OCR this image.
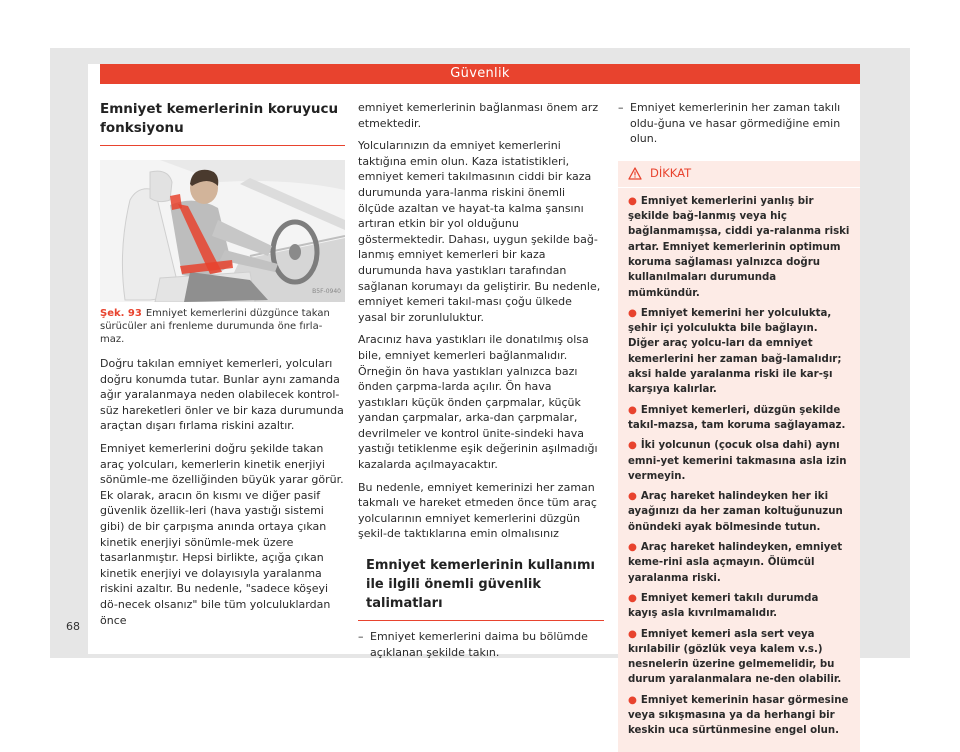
Güvenlik
Emniyet kemerlerinin koruyucu fonksiyonu
B5F-0940
Şek. 93 Emniyet kemerlerini düzgünce takan sürücüler ani frenleme durumunda öne fırla-maz.

Doğru takılan emniyet kemerleri, yolcuları doğru konumda tutar. Bunlar aynı zamanda ağır yaralanmaya neden olabilecek kontrol-süz hareketleri önler ve bir kaza durumunda araçtan dışarı fırlama riskini azaltır.

Emniyet kemerlerini doğru şekilde takan araç yolcuları, kemerlerin kinetik enerjiyi sönümle-me özelliğinden büyük yarar görür. Ek olarak, aracın ön kısmı ve diğer pasif güvenlik özellik-leri (hava yastığı sistemi gibi) de bir çarpışma anında ortaya çıkan kinetik enerjiyi sönümle-mek üzere tasarlanmıştır. Hepsi birlikte, açığa çıkan kinetik enerjiyi ve dolayısıyla yaralanma riskini azaltır. Bu nedenle, "sadece köşeyi dö-necek olsanız" bile tüm yolculuklardan önce

emniyet kemerlerinin bağlanması önem arz etmektedir.

Yolcularınızın da emniyet kemerlerini taktığına emin olun. Kaza istatistikleri, emniyet kemeri takılmasının ciddi bir kaza durumunda yara-lanma riskini önemli ölçüde azaltan ve hayat-ta kalma şansını artıran etkin bir yol olduğunu göstermektedir. Dahası, uygun şekilde bağ-lanmış emniyet kemerleri bir kaza durumunda hava yastıkları tarafından sağlanan korumayı da geliştirir. Bu nedenle, emniyet kemeri takıl-ması çoğu ülkede yasal bir zorunluluktur.

Aracınız hava yastıkları ile donatılmış olsa bile, emniyet kemerleri bağlanmalıdır. Örneğin ön hava yastıkları yalnızca bazı önden çarpma-larda açılır. Ön hava yastıkları küçük önden çarpmalar, küçük yandan çarpmalar, arka-dan çarpmalar, devrilmeler ve kontrol ünite-sindeki hava yastığı tetiklenme eşik değerinin aşılmadığı kazalarda açılmayacaktır.

Bu nedenle, emniyet kemerinizi her zaman takmalı ve hareket etmeden önce tüm araç yolcularının emniyet kemerlerini düzgün şekil-de taktıklarına emin olmalısınız

Emniyet kemerlerinin kullanımı ile ilgili önemli güvenlik talimatları
– Emniyet kemerlerini daima bu bölümde açıklanan şekilde takın.
– Emniyet kemerlerinin her zaman takılı oldu-ğuna ve hasar görmediğine emin olun.
DİKKAT
● Emniyet kemerlerini yanlış bir şekilde bağ-lanmış veya hiç bağlanmamışsa, ciddi ya-ralanma riski artar. Emniyet kemerlerinin optimum koruma sağlaması yalnızca doğru kullanılmaları durumunda mümkündür.
● Emniyet kemerini her yolculukta, şehir içi yolculukta bile bağlayın. Diğer araç yolcu-ları da emniyet kemerlerini her zaman bağ-lamalıdır; aksi halde yaralanma riski ile kar-şı karşıya kalırlar.
● Emniyet kemerleri, düzgün şekilde takıl-mazsa, tam koruma sağlayamaz.
● İki yolcunun (çocuk olsa dahi) aynı emni-yet kemerini takmasına asla izin vermeyin.
● Araç hareket halindeyken her iki ayağınızı da her zaman koltuğunuzun önündeki ayak bölmesinde tutun.
● Araç hareket halindeyken, emniyet keme-rini asla açmayın. Ölümcül yaralanma riski.
● Emniyet kemeri takılı durumda kayış asla kıvrılmamalıdır.
● Emniyet kemeri asla sert veya kırılabilir (gözlük veya kalem v.s.) nesnelerin üzerine gelmemelidir, bu durum yaralanmalara ne-den olabilir.
● Emniyet kemerinin hasar görmesine veya sıkışmasına ya da herhangi bir keskin uca sürtünmesine engel olun.
68
